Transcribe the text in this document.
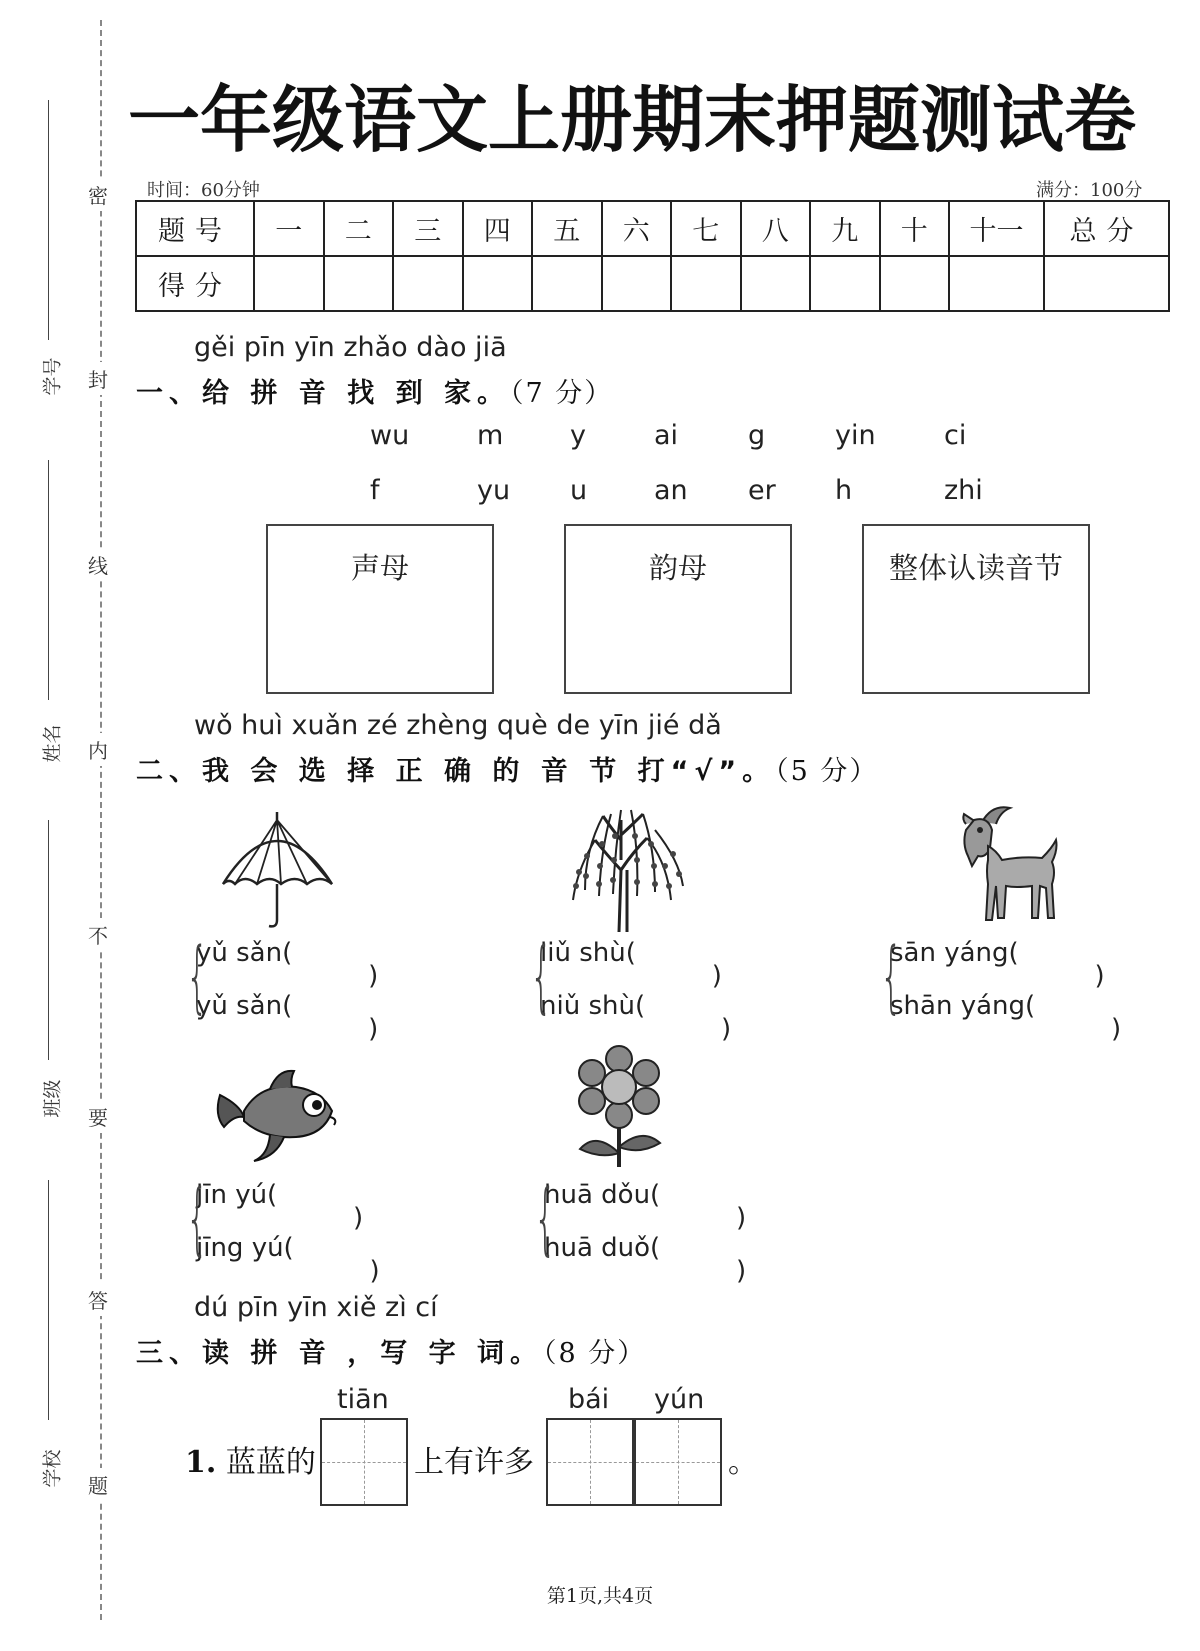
密
封
线
内
不
要
答
题
学号
姓名
班级
学校
一年级语文上册期末押题测试卷
时间：60分钟	满分：100分
题号	一	二	三	四	五	六	七	八	九	十	十一	总分
得分												
gěi pīn yīn zhǎo dào jiā
一、给 拼 音 找 到 家。（7 分）
wu	m y	ai	g	yin	ci
f	yu u an er h	zhi
声母	韵母	整体认读音节
wǒ huì xuǎn zé zhèng què de yīn jié dǎ
二、我 会 选 择 正 确 的 音 节 打“√”。（5 分）
{
yǔ sǎn(
yǔ sǎn(	{
liǔ shù(
niǔ shù(	{
sān yáng(
shān yáng(
{
jīn yú(
jīng yú(	{
huā dǒu(
huā duǒ(
dú pīn yīn xiě zì cí
三、读 拼 音 ，写 字 词。（8 分）
tiān	bái yún
1. 蓝蓝的	上有许多	。
第1页,共4页
